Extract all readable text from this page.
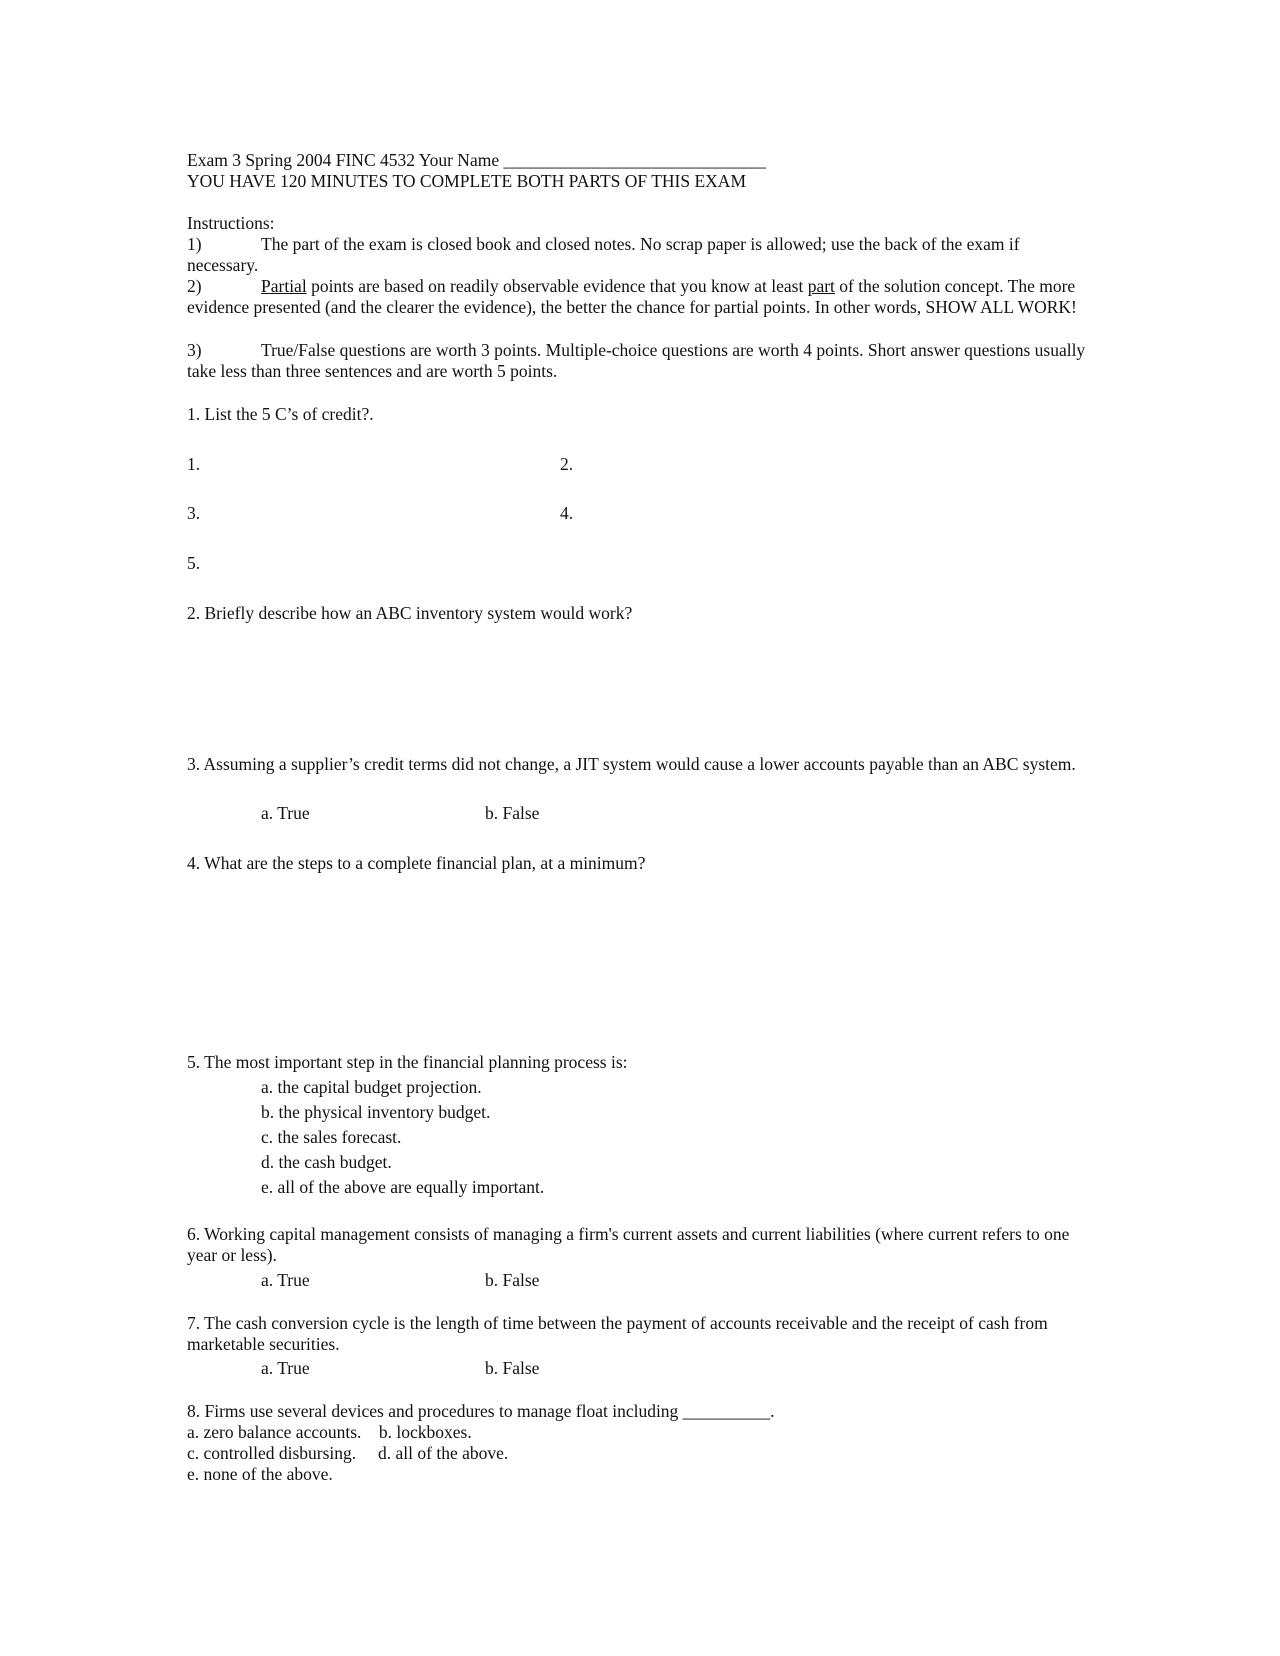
Exam 3 Spring 2004 FINC 4532 Your Name ______________________________
YOU HAVE 120 MINUTES TO COMPLETE BOTH PARTS OF THIS EXAM
Instructions:
1)	The part of the exam is closed book and closed notes. No scrap paper is allowed; use the back of the exam if necessary.
2)	Partial points are based on readily observable evidence that you know at least part of the solution concept. The more evidence presented (and the clearer the evidence), the better the chance for partial points. In other words, SHOW ALL WORK!
3)	True/False questions are worth 3 points. Multiple-choice questions are worth 4 points. Short answer questions usually take less than three sentences and are worth 5 points.
1. List the 5 C’s of credit?.
1.	2.
3.	4.
5.
2. Briefly describe how an ABC inventory system would work?
3. Assuming a supplier’s credit terms did not change, a JIT system would cause a lower accounts payable than an ABC system.
a. True	b. False
4. What are the steps to a complete financial plan, at a minimum?
5. The most important step in the financial planning process is:
a. the capital budget projection.
b. the physical inventory budget.
c. the sales forecast.
d. the cash budget.
e. all of the above are equally important.
6. Working capital management consists of managing a firm's current assets and current liabilities (where current refers to one year or less).
a. True	b. False
7. The cash conversion cycle is the length of time between the payment of accounts receivable and the receipt of cash from marketable securities.
a. True	b. False
8. Firms use several devices and procedures to manage float including __________.
a. zero balance accounts.    b. lockboxes.
c. controlled disbursing.     d. all of the above.
e. none of the above.
